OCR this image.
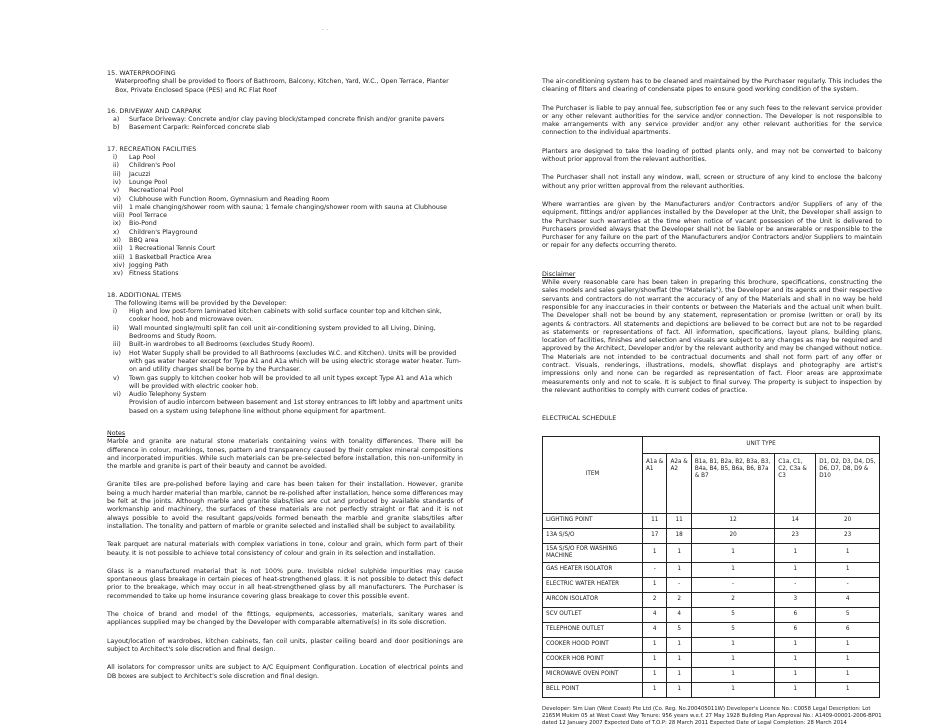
- -
15. WATERPROOFING
Waterproofing shall be provided to floors of Bathroom, Balcony, Kitchen, Yard, W.C., Open Terrace, Planter Box, Private Enclosed Space (PES) and RC Flat Roof
16. DRIVEWAY AND CARPARK
a)	Surface Driveway: Concrete and/or clay paving block/stamped concrete finish and/or granite pavers
b)	Basement Carpark: Reinforced concrete slab
17. RECREATION FACILITIES
i)	Lap Pool
ii)	Children's Pool
iii)	Jacuzzi
iv)	Lounge Pool
v)	Recreational Pool
vi)	Clubhouse with Function Room, Gymnasium and Reading Room
vii)	1 male changing/shower room with sauna; 1 female changing/shower room with sauna at Clubhouse
viii) Pool Terrace
ix)	Bio-Pond
x)	Children's Playground
xi)	BBQ area
xii)	1 Recreational Tennis Court
xiii) 1 Basketball Practice Area
xiv) Jogging Path
xv) Fitness Stations
18. ADDITIONAL ITEMS
The following items will be provided by the Developer:
i)	High and low post-form laminated kitchen cabinets with solid surface counter top and kitchen sink, cooker hood, hob and microwave oven.
ii)	Wall mounted single/multi split fan coil unit air-conditioning system provided to all Living, Dining, Bedrooms and Study Room.
iii)	Built-in wardrobes to all Bedrooms (excludes Study Room).
iv)	Hot Water Supply shall be provided to all Bathrooms (excludes W.C. and Kitchen). Units will be provided with gas water heater except for Type A1 and A1a which will be using electric storage water heater. Turn-on and utility charges shall be borne by the Purchaser.
v)	Town gas supply to kitchen cooker hob will be provided to all unit types except Type A1 and A1a which will be provided with electric cooker hob.
vi)	Audio Telephony System
Provision of audio intercom between basement and 1st storey entrances to lift lobby and apartment units based on a system using telephone line without phone equipment for apartment.
Notes

Marble and granite are natural stone materials containing veins with tonality differences. There will be difference in colour, markings, tones, pattern and transparency caused by their complex mineral compositions and incorporated impurities. While such materials can be pre-selected before installation, this non-uniformity in the marble and granite is part of their beauty and cannot be avoided.

Granite tiles are pre-polished before laying and care has been taken for their installation. However, granite being a much harder material than marble, cannot be re-polished after installation, hence some differences may be felt at the joints. Although marble and granite slabs/tiles are cut and produced by available standards of workmanship and machinery, the surfaces of these materials are not perfectly straight or flat and it is not always possible to avoid the resultant gaps/voids formed beneath the marble and granite slabs/tiles after installation. The tonality and pattern of marble or granite selected and installed shall be subject to availability.

Teak parquet are natural materials with complex variations in tone, colour and grain, which form part of their beauty. It is not possible to achieve total consistency of colour and grain in its selection and installation.

Glass is a manufactured material that is not 100% pure. Invisible nickel sulphide impurities may cause spontaneous glass breakage in certain pieces of heat-strengthened glass. It is not possible to detect this defect prior to the breakage, which may occur in all heat-strengthened glass by all manufacturers. The Purchaser is recommended to take up home insurance covering glass breakage to cover this possible event.

The choice of brand and model of the fittings, equipments, accessories, materials, sanitary wares and appliances supplied may be changed by the Developer with comparable alternative(s) in its sole discretion.

Layout/location of wardrobes, kitchen cabinets, fan coil units, plaster ceiling board and door positionings are subject to Architect's sole discretion and final design.

All isolators for compressor units are subject to A/C Equipment Configuration. Location of electrical points and DB boxes are subject to Architect's sole discretion and final design.

The air-conditioning system has to be cleaned and maintained by the Purchaser regularly. This includes the cleaning of filters and clearing of condensate pipes to ensure good working condition of the system.

The Purchaser is liable to pay annual fee, subscription fee or any such fees to the relevant service provider or any other relevant authorities for the service and/or connection. The Developer is not responsible to make arrangements with any service provider and/or any other relevant authorities for the service connection to the individual apartments.

Planters are designed to take the loading of potted plants only, and may not be converted to balcony without prior approval from the relevant authorities.

The Purchaser shall not install any window, wall, screen or structure of any kind to enclose the balcony without any prior written approval from the relevant authorities.

Where warranties are given by the Manufacturers and/or Contractors and/or Suppliers of any of the equipment, fittings and/or appliances installed by the Developer at the Unit, the Developer shall assign to the Purchaser such warranties at the time when notice of vacant possession of the Unit is delivered to Purchasers provided always that the Developer shall not be liable or be answerable or responsible to the Purchaser for any failure on the part of the Manufacturers and/or Contractors and/or Suppliers to maintain or repair for any defects occurring thereto.

Disclaimer

While every reasonable care has been taken in preparing this brochure, specifications, constructing the sales models and sales gallery/showflat (the "Materials"), the Developer and its agents and their respective servants and contractors do not warrant the accuracy of any of the Materials and shall in no way be held responsible for any inaccuracies in their contents or between the Materials and the actual unit when built. The Developer shall not be bound by any statement, representation or promise (written or oral) by its agents & contractors. All statements and depictions are believed to be correct but are not to be regarded as statements or representations of fact. All information, specifications, layout plans, building plans, location of facilities, finishes and selection and visuals are subject to any changes as may be required and approved by the Architect, Developer and/or by the relevant authority and may be changed without notice. The Materials are not intended to be contractual documents and shall not form part of any offer or contract. Visuals, renderings, illustrations, models, showflat displays and photography are artist's impressions only and none can be regarded as representation of fact. Floor areas are approximate measurements only and not to scale. It is subject to final survey. The property is subject to inspection by the relevant authorities to comply with current codes of practice.

ELECTRICAL SCHEDULE
ITEM	UNIT TYPE				
	A1a & A1	A2a & A2	B1a, B1, B2a, B2, B3a, B3, B4a, B4, B5, B6a, B6, B7a & B7	C1a, C1, C2, C3a & C3	D1, D2, D3, D4, D5, D6, D7, D8, D9 & D10
LIGHTING POINT	11	11	12	14	20
13A S/S/O	17	18	20	23	23
15A S/S/O FOR WASHING MACHINE	1	1	1	1	1
GAS HEATER ISOLATOR	-	1	1	1	1
ELECTRIC WATER HEATER	1	-	-	-	-
AIRCON ISOLATOR	2	2	2	3	4
SCV OUTLET	4	4	5	6	5
TELEPHONE OUTLET	4	5	5	6	6
COOKER HOOD POINT	1	1	1	1	1
COOKER HOB POINT	1	1	1	1	1
MICROWAVE OVEN POINT	1	1	1	1	1
BELL POINT	1	1	1	1	1
Developer: Sim Lian (West Coast) Pte Ltd (Co. Reg. No.200405011W) Developer's Licence No.: C0058 Legal Description: Lot 2165M Mukim 05 at West Coast Way Tenure: 956 years w.e.f. 27 May 1928 Building Plan Approval No.: A1409-00001-2006-BP01 dated 12 January 2007 Expected Date of T.O.P: 28 March 2011 Expected Date of Legal Completion: 28 March 2014
